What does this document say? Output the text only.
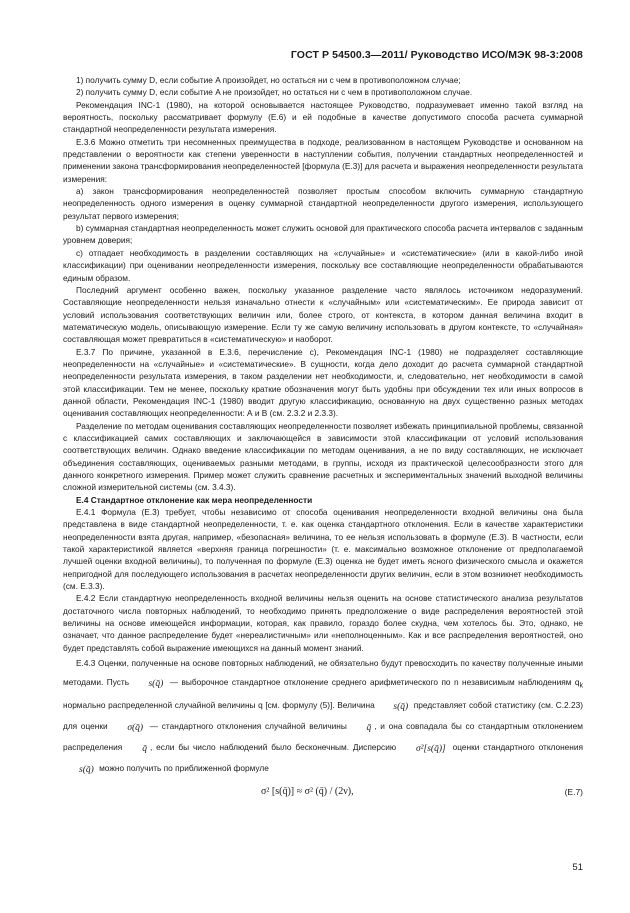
ГОСТ Р 54500.3—2011/ Руководство ИСО/МЭК 98-3:2008

1) получить сумму D, если событие A произойдет, но остаться ни с чем в противоположном случае;

2) получить сумму D, если событие A не произойдет, но остаться ни с чем в противоположном случае.

Рекомендация INC-1 (1980), на которой основывается настоящее Руководство, подразумевает именно такой взгляд на вероятность, поскольку рассматривает формулу (E.6) и ей подобные в качестве допустимого способа расчета суммарной стандартной неопределенности результата измерения.

E.3.6 Можно отметить три несомненных преимущества в подходе, реализованном в настоящем Руководстве и основанном на представлении о вероятности как степени уверенности в наступлении события, получении стандартных неопределенностей и применении закона трансформирования неопределенностей [формула (E.3)] для расчета и выражения неопределенности результата измерения:

а) закон трансформирования неопределенностей позволяет простым способом включить суммарную стандартную неопределенность одного измерения в оценку суммарной стандартной неопределенности другого измерения, использующего результат первого измерения;

b) суммарная стандартная неопределенность может служить основой для практического способа расчета интервалов с заданным уровнем доверия;

с) отпадает необходимость в разделении составляющих на «случайные» и «систематические» (или в какой-либо иной классификации) при оценивании неопределенности измерения, поскольку все составляющие неопределенности обрабатываются единым образом.

Последний аргумент особенно важен, поскольку указанное разделение часто являлось источником недоразумений. Составляющие неопределенности нельзя изначально отнести к «случайным» или «систематическим». Ее природа зависит от условий использования соответствующих величин или, более строго, от контекста, в котором данная величина входит в математическую модель, описывающую измерение. Если ту же самую величину использовать в другом контексте, то «случайная» составляющая может превратиться в «систематическую» и наоборот.

E.3.7 По причине, указанной в E.3.6, перечисление с), Рекомендация INC-1 (1980) не подразделяет составляющие неопределенности на «случайные» и «систематические». В сущности, когда дело доходит до расчета суммарной стандартной неопределенности результата измерения, в таком разделении нет необходимости, и, следовательно, нет необходимости в самой этой классификации. Тем не менее, поскольку краткие обозначения могут быть удобны при обсуждении тех или иных вопросов в данной области, Рекомендация INC-1 (1980) вводит другую классификацию, основанную на двух существенно разных методах оценивания составляющих неопределенности: А и В (см. 2.3.2 и 2.3.3).

Разделение по методам оценивания составляющих неопределенности позволяет избежать принципиальной проблемы, связанной с классификацией самих составляющих и заключающейся в зависимости этой классификации от условий использования соответствующих величин. Однако введение классификации по методам оценивания, а не по виду составляющих, не исключает объединения составляющих, оцениваемых разными методами, в группы, исходя из практической целесообразности этого для данного конкретного измерения. Пример может служить сравнение расчетных и экспериментальных значений выходной величины сложной измерительной системы (см. 3.4.3).

E.4 Стандартное отклонение как мера неопределенности

E.4.1 Формула (E.3) требует, чтобы независимо от способа оценивания неопределенности входной величины она была представлена в виде стандартной неопределенности, т. е. как оценка стандартного отклонения. Если в качестве характеристики неопределенности взята другая, например, «безопасная» величина, то ее нельзя использовать в формуле (E.3). В частности, если такой характеристикой является «верхняя граница погрешности» (т. е. максимально возможное отклонение от предполагаемой лучшей оценки входной величины), то полученная по формуле (E.3) оценка не будет иметь ясного физического смысла и окажется непригодной для последующего использования в расчетах неопределенности других величин, если в этом возникнет необходимость (см. E.3.3).

E.4.2 Если стандартную неопределенность входной величины нельзя оценить на основе статистического анализа результатов достаточного числа повторных наблюдений, то необходимо принять предположение о виде распределения вероятностей этой величины на основе имеющейся информации, которая, как правило, гораздо более скудна, чем хотелось бы. Это, однако, не означает, что данное распределение будет «нереалистичным» или «неполноценным». Как и все распределения вероятностей, оно будет представлять собой выражение имеющихся на данный момент знаний.

E.4.3 Оценки, полученные на основе повторных наблюдений, не обязательно будут превосходить по качеству полученные иными методами. Пусть s(q̄) — выборочное стандартное отклонение среднего арифметического по n независимым наблюдениям $q_k$ нормально распределенной случайной величины q [см. формулу (5)]. Величина s(q̄) представляет собой статистику (см. C.2.23) для оценки σ(q̄) — стандартного отклонения случайной величины q̄ , и она совпадала бы со стандартным отклонением распределения q̄ , если бы число наблюдений было бесконечным. Дисперсию σ²[s(q̄)] оценки стандартного отклонения s(q̄) можно получить по приближенной формуле

σ² [s(q̄)] ≈ σ² (q̄) / (2ν),	(E.7)
51
